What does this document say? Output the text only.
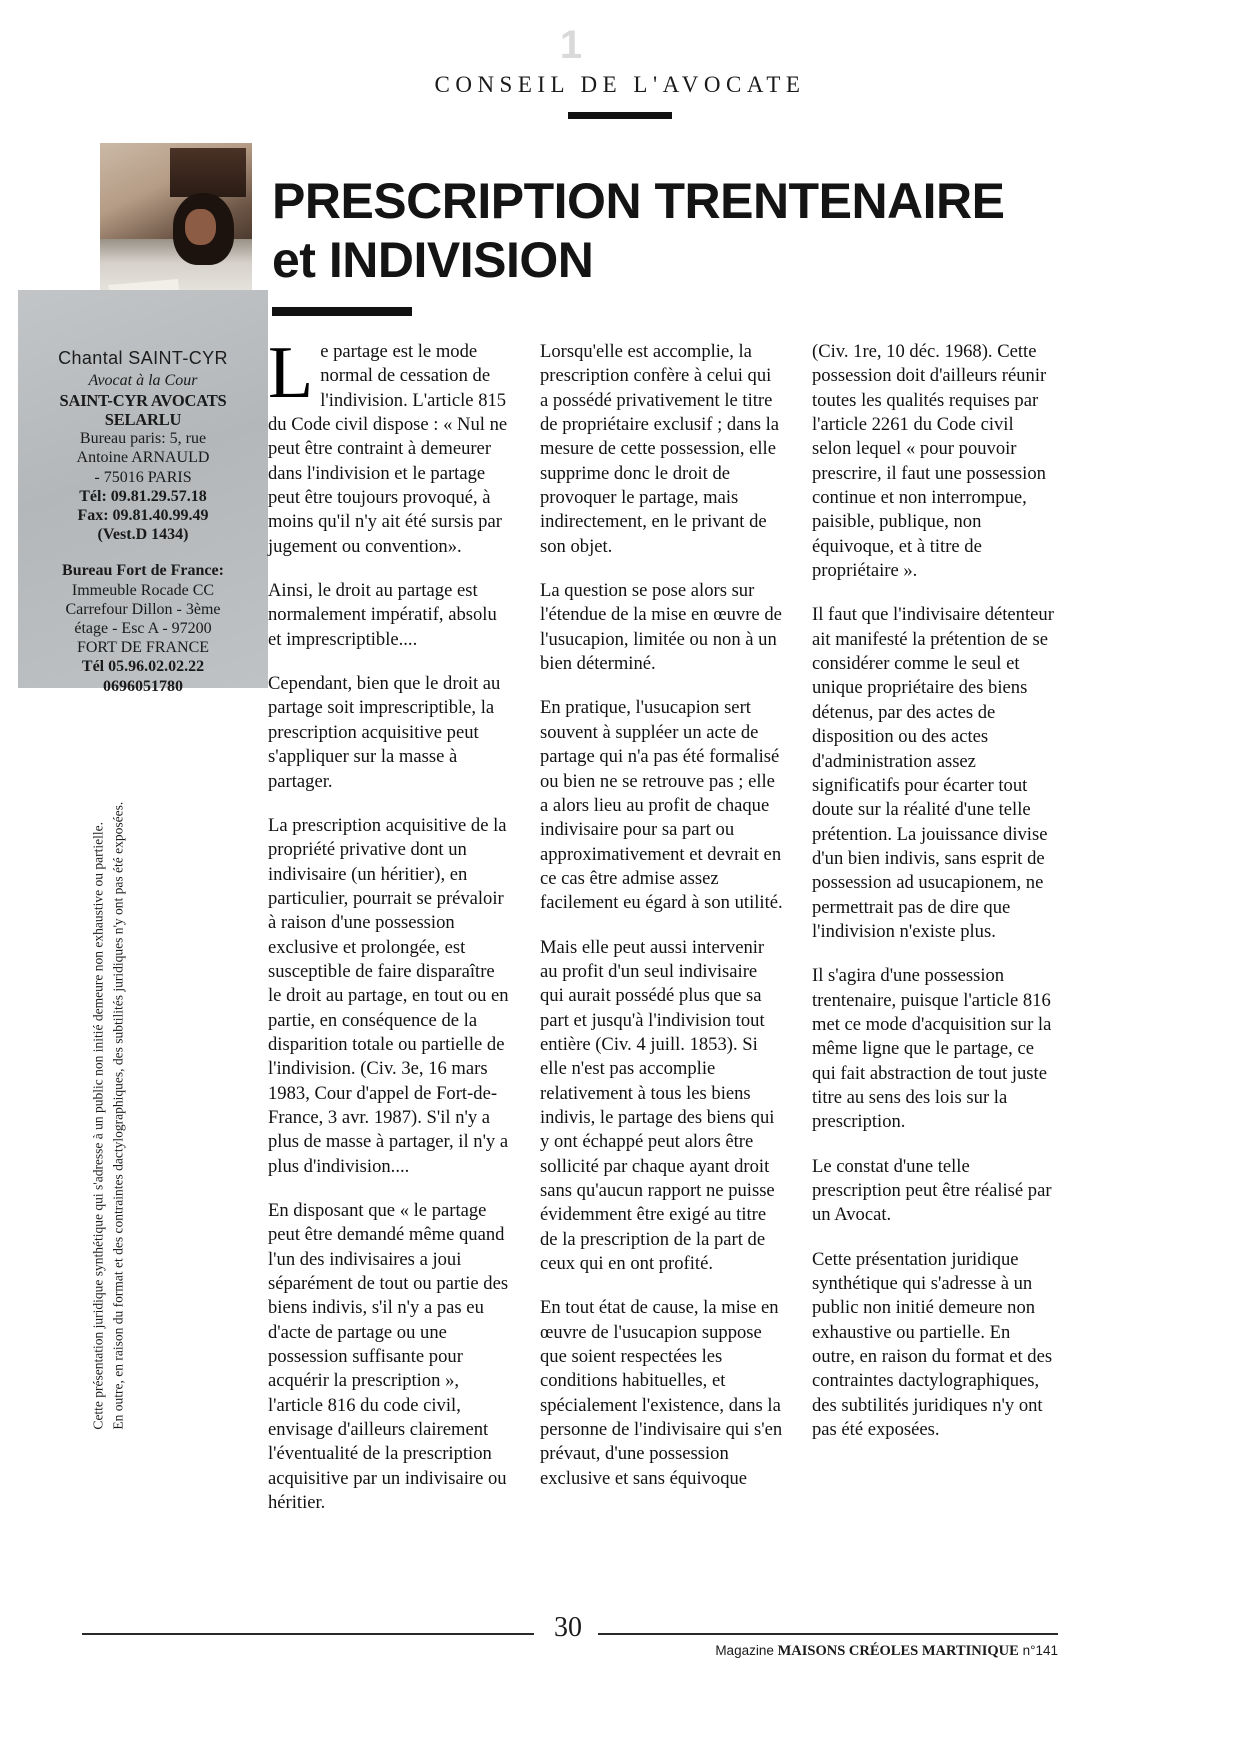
1
CONSEIL DE L'AVOCATE
PRESCRIPTION TRENTENAIRE
et INDIVISION
Chantal SAINT-CYR
Avocat à la Cour
SAINT-CYR AVOCATS
SELARLU
Bureau paris: 5, rue
Antoine ARNAULD
- 75016 PARIS
Tél: 09.81.29.57.18
Fax: 09.81.40.99.49
(Vest.D 1434)
Bureau Fort de France:
Immeuble Rocade CC
Carrefour Dillon - 3ème
étage - Esc A - 97200
FORT DE FRANCE
Tél 05.96.02.02.22
0696051780
Cette présentation juridique synthétique qui s'adresse à un public non initié demeure non exhaustive ou partielle. En outre, en raison du format et des contraintes dactylographiques, des subtilités juridiques n'y ont pas été exposées.

Le partage est le mode normal de cessation de l'indivision. L'article 815 du Code civil dispose : « Nul ne peut être contraint à demeurer dans l'indivision et le partage peut être toujours provoqué, à moins qu'il n'y ait été sursis par jugement ou convention».

Ainsi, le droit au partage est normalement impératif, absolu et imprescriptible....

Cependant, bien que le droit au partage soit imprescriptible, la prescription acquisitive peut s'appliquer sur la masse à partager.

La prescription acquisitive de la propriété privative dont un indivisaire (un héritier), en particulier, pourrait se prévaloir à raison d'une possession exclusive et prolongée, est susceptible de faire disparaître le droit au partage, en tout ou en partie, en conséquence de la disparition totale ou partielle de l'indivision. (Civ. 3e, 16 mars 1983, Cour d'appel de Fort-de-France, 3 avr. 1987). S'il n'y a plus de masse à partager, il n'y a plus d'indivision....

En disposant que « le partage peut être demandé même quand l'un des indivisaires a joui séparément de tout ou partie des biens indivis, s'il n'y a pas eu d'acte de partage ou une possession suffisante pour acquérir la prescription », l'article 816 du code civil, envisage d'ailleurs clairement l'éventualité de la prescription acquisitive par un indivisaire ou héritier.

Lorsqu'elle est accomplie, la prescription confère à celui qui a possédé privativement le titre de propriétaire exclusif ; dans la mesure de cette possession, elle supprime donc le droit de provoquer le partage, mais indirectement, en le privant de son objet.

La question se pose alors sur l'étendue de la mise en œuvre de l'usucapion, limitée ou non à un bien déterminé.

En pratique, l'usucapion sert souvent à suppléer un acte de partage qui n'a pas été formalisé ou bien ne se retrouve pas ; elle a alors lieu au profit de chaque indivisaire pour sa part ou approximativement et devrait en ce cas être admise assez facilement eu égard à son utilité.

Mais elle peut aussi intervenir au profit d'un seul indivisaire qui aurait possédé plus que sa part et jusqu'à l'indivision tout entière (Civ. 4 juill. 1853). Si elle n'est pas accomplie relativement à tous les biens indivis, le partage des biens qui y ont échappé peut alors être sollicité par chaque ayant droit sans qu'aucun rapport ne puisse évidemment être exigé au titre de la prescription de la part de ceux qui en ont profité.

En tout état de cause, la mise en œuvre de l'usucapion suppose que soient respectées les conditions habituelles, et spécialement l'existence, dans la personne de l'indivisaire qui s'en prévaut, d'une possession exclusive et sans équivoque

(Civ. 1re, 10 déc. 1968). Cette possession doit d'ailleurs réunir toutes les qualités requises par l'article 2261 du Code civil selon lequel « pour pouvoir prescrire, il faut une possession continue et non interrompue, paisible, publique, non équivoque, et à titre de propriétaire ».

Il faut que l'indivisaire détenteur ait manifesté la prétention de se considérer comme le seul et unique propriétaire des biens détenus, par des actes de disposition ou des actes d'administration assez significatifs pour écarter tout doute sur la réalité d'une telle prétention. La jouissance divise d'un bien indivis, sans esprit de possession ad usucapionem, ne permettrait pas de dire que l'indivision n'existe plus.

Il s'agira d'une possession trentenaire, puisque l'article 816 met ce mode d'acquisition sur la même ligne que le partage, ce qui fait abstraction de tout juste titre au sens des lois sur la prescription.

Le constat d'une telle prescription peut être réalisé par un Avocat.

Cette présentation juridique synthétique qui s'adresse à un public non initié demeure non exhaustive ou partielle. En outre, en raison du format et des contraintes dactylographiques, des subtilités juridiques n'y ont pas été exposées.

30
Magazine MAISONS CRÉOLES MARTINIQUE n°141
